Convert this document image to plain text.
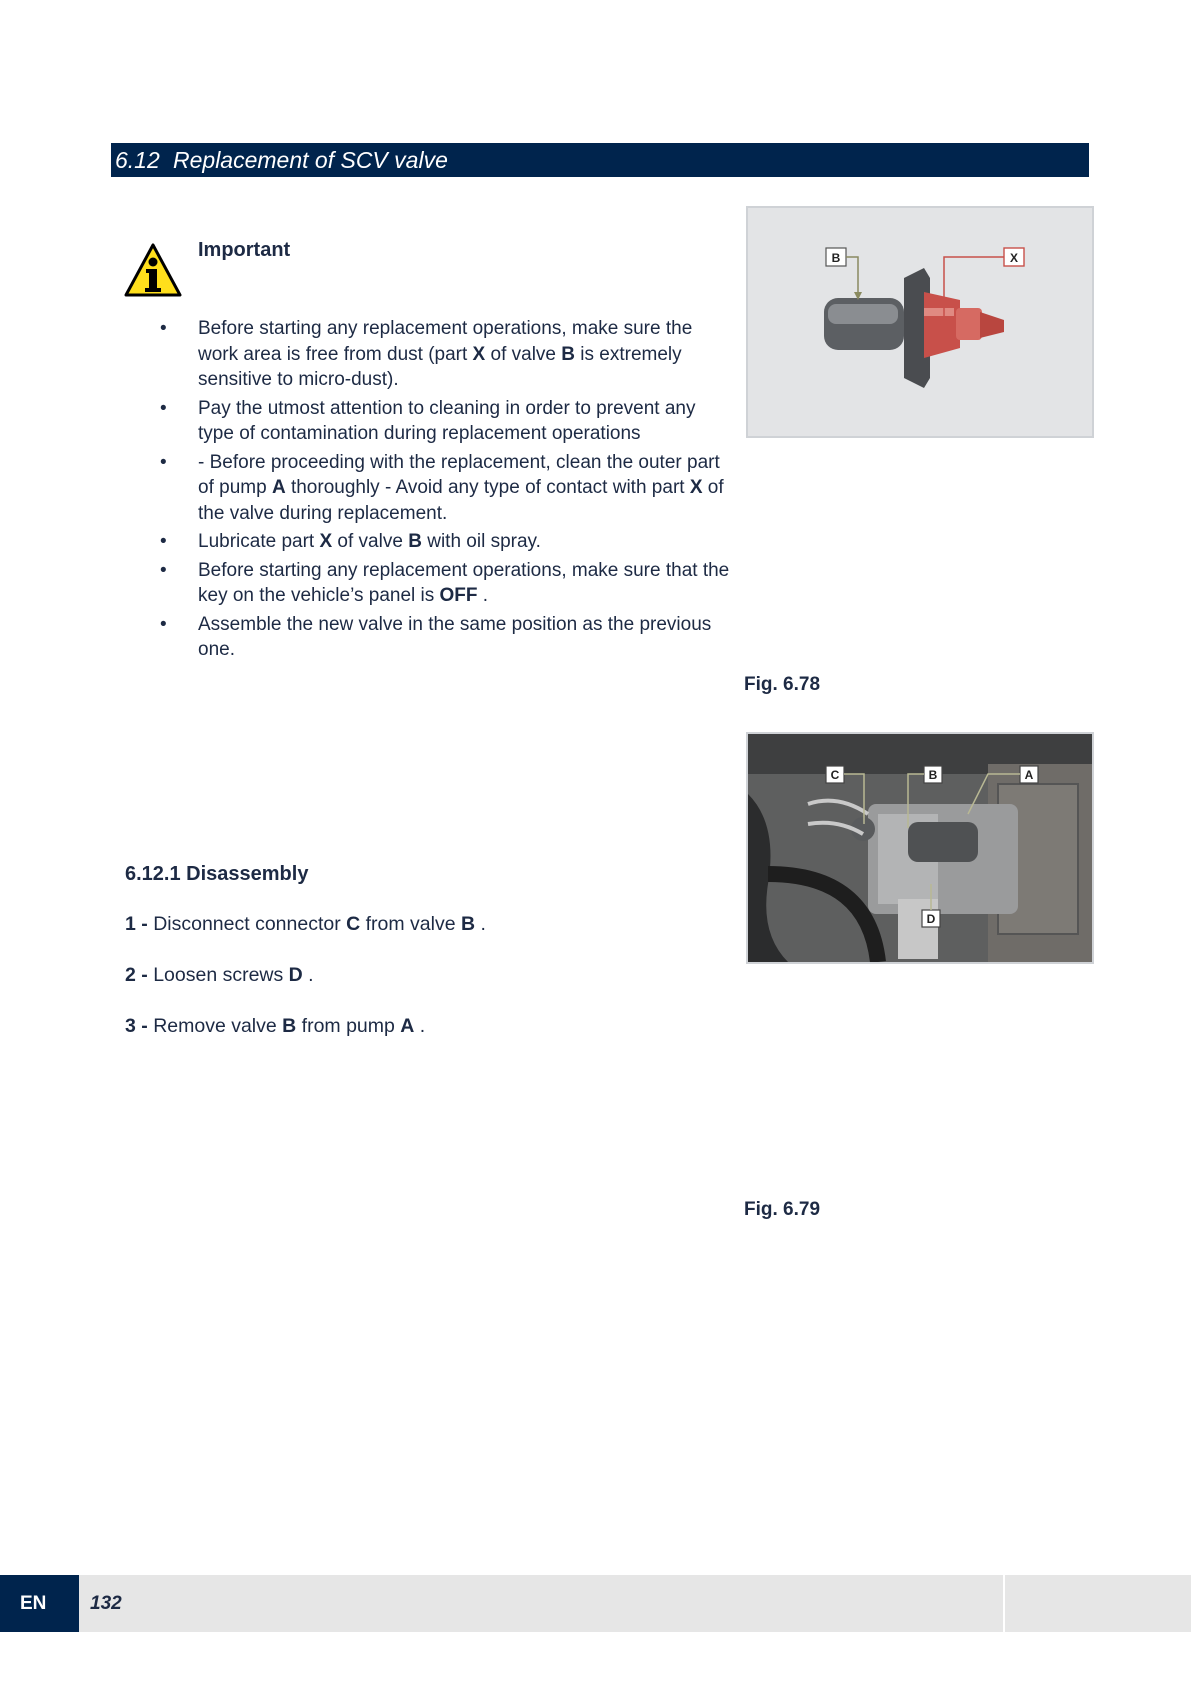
6.12 Replacement of SCV valve
Important
• Before starting any replacement operations, make sure the work area is free from dust (part X of valve B is extremely sensitive to micro-dust).
• Pay the utmost attention to cleaning in order to prevent any type of contamination during replacement operations
• - Before proceeding with the replacement, clean the outer part of pump A thoroughly - Avoid any type of contact with part X of the valve during replacement.
• Lubricate part X of valve B with oil spray.
• Before starting any replacement operations, make sure that the key on the vehicle’s panel is OFF .
• Assemble the new valve in the same position as the previous one.
B	X
Fig. 6.78
C	B	A
D
Fig. 6.79
6.12.1 Disassembly
1 - Disconnect connector C from valve B .
2 - Loosen screws D .
3 - Remove valve B from pump A .
EN 132
